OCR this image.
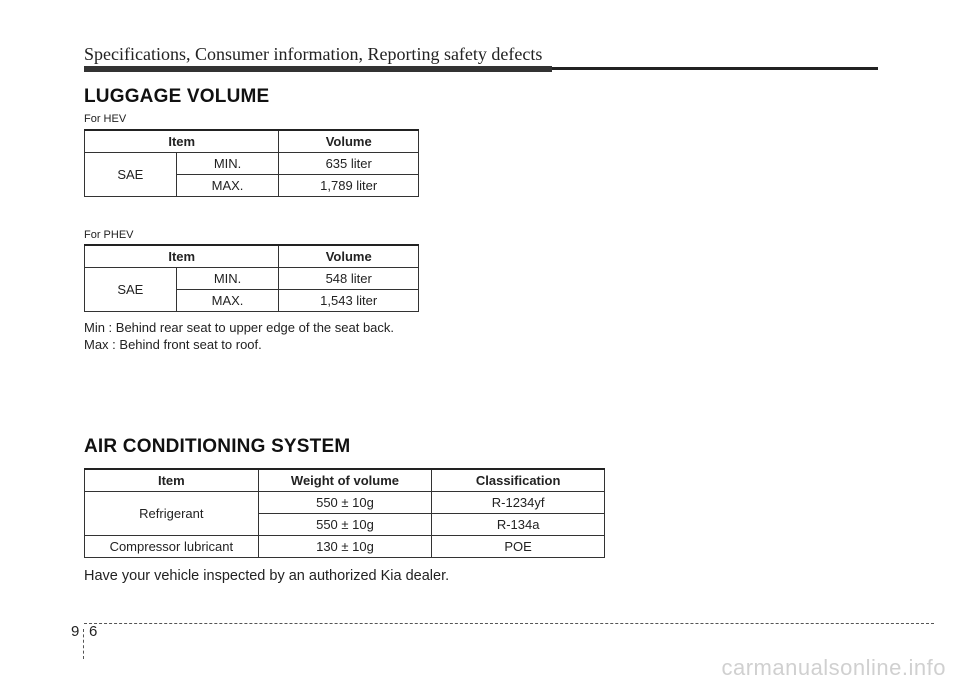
Specifications, Consumer information, Reporting safety defects
LUGGAGE VOLUME
For HEV
Item		Volume
SAE	MIN.	635 liter
	MAX.	1,789 liter
For PHEV
Item		Volume
SAE	MIN.	548 liter
	MAX.	1,543 liter
Min : Behind rear seat to upper edge of the seat back.
Max : Behind front seat to roof.
AIR CONDITIONING SYSTEM
Item	Weight of volume	Classification
Refrigerant	550 ± 10g	R-1234yf
	550 ± 10g	R-134a
Compressor lubricant	130 ± 10g	POE
Have your vehicle inspected by an authorized Kia dealer.
9 6
carmanualsonline.info
